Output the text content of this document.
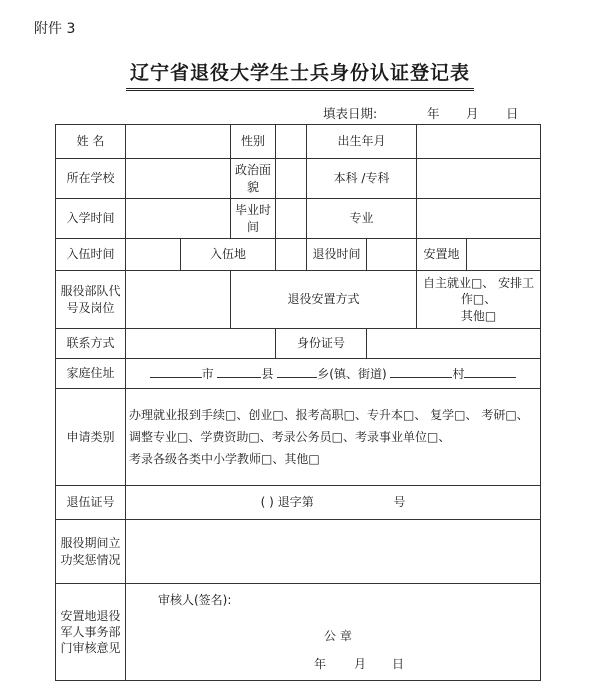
附件 3
辽宁省退役大学生士兵身份认证登记表
填表日期:	年 月 日
姓 名			性别		出生年月			
所在学校			政治面貌		本科 /专科			
入学时间			毕业时间		专业			
入伍时间		入伍地			退役时间		安置地	
服役部队代号及岗位			退役安置方式				自主就业□、 安排工作□、
其他□	

联系方式				身份证号				
家庭住址	市 县 乡(镇、街道) 村							
申请类别	办理就业报到手续□、创业□、报考高职□、专升本□、 复学□、 考研□、
调整专业□、学费资助□、考录公务员□、考录事业单位□、
考录各级各类中小学教师□、其他□							

退伍证号	( ) 退字第 号							
服役期间立功奖惩情况								
安置地退役军人事务部门审核意见	审核人(签名):
公 章
年 月 日							
